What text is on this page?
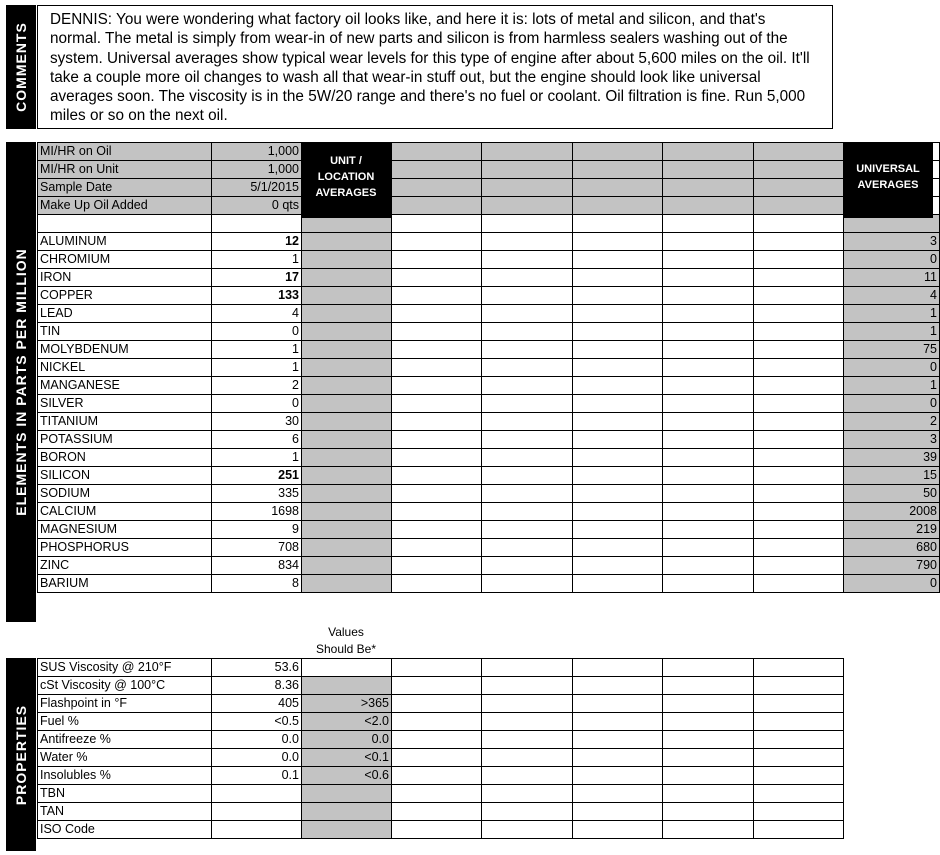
COMMENTS
DENNIS: You were wondering what factory oil looks like, and here it is: lots of metal and silicon, and that's normal. The metal is simply from wear-in of new parts and silicon is from harmless sealers washing out of the system. Universal averages show typical wear levels for this type of engine after about 5,600 miles on the oil. It'll take a couple more oil changes to wash all that wear-in stuff out, but the engine should look like universal averages soon. The viscosity is in the 5W/20 range and there's no fuel or coolant. Oil filtration is fine. Run 5,000 miles or so on the next oil.
ELEMENTS IN PARTS PER MILLION
MI/HR on Oil	1,000							
MI/HR on Unit	1,000							
Sample Date	5/1/2015							
Make Up Oil Added	0 qts							

ALUMINUM	12							3
CHROMIUM	1							0
IRON	17							11
COPPER	133							4
LEAD	4							1
TIN	0							1
MOLYBDENUM	1							75
NICKEL	1							0
MANGANESE	2							1
SILVER	0							0
TITANIUM	30							2
POTASSIUM	6							3
BORON	1							39
SILICON	251							15
SODIUM	335							50
CALCIUM	1698							2008
MAGNESIUM	9							219
PHOSPHORUS	708							680
ZINC	834							790
BARIUM	8							0
UNIT / LOCATION AVERAGES
UNIVERSAL AVERAGES
Values Should Be*
PROPERTIES
SUS Viscosity @ 210°F	53.6						
cSt Viscosity @ 100°C	8.36						
Flashpoint in °F	405	>365					
Fuel %	<0.5	<2.0					
Antifreeze %	0.0	0.0					
Water %	0.0	<0.1					
Insolubles %	0.1	<0.6					
TBN							
TAN							
ISO Code							
